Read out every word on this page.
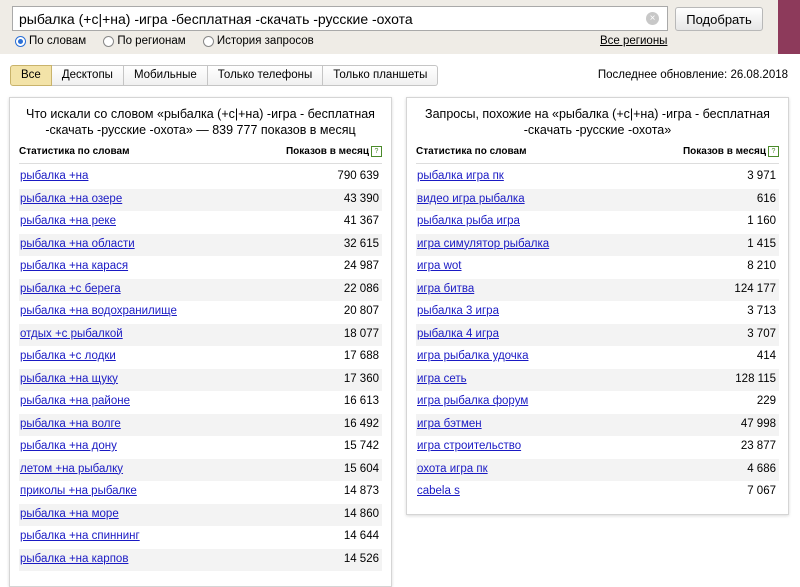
рыбалка (+с|+на) -игра -бесплатная -скачать -русские -охота
×	Подобрать
По словам
	По регионам
	История запросов	Все регионы
Все	Десктопы	Мобильные	Только телефоны	Только планшеты	Последнее обновление: 26.08.2018
Что искали со словом «рыбалка (+с|+на) -игра - бесплатная -скачать -русские -охота» — 839 777 показов в месяц
Статистика по словам	Показов в месяц ?
рыбалка +на	790 639
рыбалка +на озере	43 390
рыбалка +на реке	41 367
рыбалка +на области	32 615
рыбалка +на карася	24 987
рыбалка +с берега	22 086
рыбалка +на водохранилище	20 807
отдых +с рыбалкой	18 077
рыбалка +с лодки	17 688
рыбалка +на щуку	17 360
рыбалка +на районе	16 613
рыбалка +на волге	16 492
рыбалка +на дону	15 742
летом +на рыбалку	15 604
приколы +на рыбалке	14 873
рыбалка +на море	14 860
рыбалка +на спиннинг	14 644
рыбалка +на карпов	14 526
Запросы, похожие на «рыбалка (+с|+на) -игра - бесплатная -скачать -русские -охота»
Статистика по словам	Показов в месяц ?
рыбалка игра пк	3 971
видео игра рыбалка	616
рыбалка рыба игра	1 160
игра симулятор рыбалка	1 415
игра wot	8 210
игра битва	124 177
рыбалка 3 игра	3 713
рыбалка 4 игра	3 707
игра рыбалка удочка	414
игра сеть	128 115
игра рыбалка форум	229
игра бэтмен	47 998
игра строительство	23 877
охота игра пк	4 686
cabela s	7 067
